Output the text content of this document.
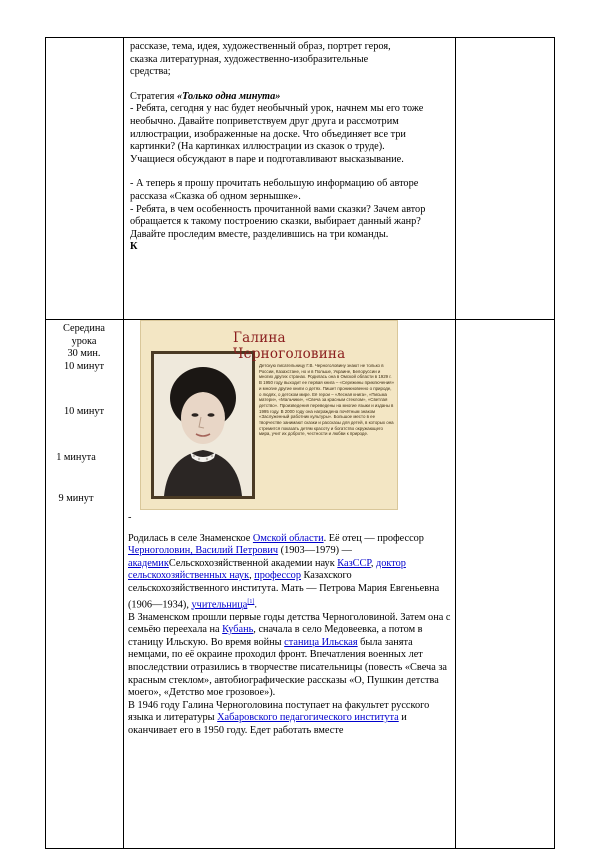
рассказе, тема, идея, художественный образ, портрет героя,

сказка литературная, художественно-изобразительные

средства;

Стратегия «Только одна минута»

- Ребята, сегодня у нас будет необычный урок, начнем мы его тоже необычно. Давайте поприветствуем друг друга и рассмотрим иллюстрации, изображенные на доске. Что объединяет все три картинки? (На картинках иллюстрации из сказок о труде).

Учащиеся обсуждают в паре и подготавливают высказывание.

- А теперь я прошу прочитать небольшую информацию об авторе рассказа «Сказка об одном зернышке».

- Ребята, в чем особенность прочитанной вами сказки? Зачем автор обращается к такому построению сказки, выбирает данный жанр? Давайте проследим вместе, разделившись на три команды.

К

Середина
урока
30 мин.
10 минут
10 минут
1 минута
9 минут
Галина Черноголовина
Детскую писательницу Г.В. Черноголовину знают не только в России, Казахстане, но и в Польше, Украине, Белоруссии и многих других странах. Родилась она в Омской области в 1929 г. В 1950 году выходит ее первая книга – «Сережины приключения» и многие другие книги о детях. Пишет проникновенно о природе, о людях, о детском мире. Её герои – «Лесная книга», «Письма матери», «Мальчики», «Свеча за красным стеклом», «Светлая детство». Произведения переведены на многие языки и изданы в 1995 году. В 2000 году она награждена почётным знаком «Заслуженный работник культуры». Большое место в ее творчестве занимают сказки и рассказы для детей, в которых она стремится показать детям красоту и богатство окружающего мира, учит их доброте, честности и любви к природе.

-

Родилась в селе Знаменское Омской области. Её отец — профессор Черноголовин, Василий Петрович (1903—1979) — академикСельскохозяйственной академии наук КазССР, доктор сельскохозяйственных наук, профессор Казахского сельскохозяйственного института. Мать — Петрова Мария Евгеньевна (1906—1934), учительница[1].

В Знаменском прошли первые годы детства Черноголовиной. Затем она с семьёю переехала на Кубань, сначала в село Медовеевка, а потом в станицу Ильскую. Во время войны станица Ильская была занята немцами, по её окраине проходил фронт. Впечатления военных лет впоследствии отразились в творчестве писательницы (повесть «Свеча за красным стеклом», автобиографические рассказы «О, Пушкин детства моего», «Детство мое грозовое»).

В 1946 году Галина Черноголовина поступает на факультет русского языка и литературы Хабаровского педагогического института и оканчивает его в 1950 году. Едет работать вместе
